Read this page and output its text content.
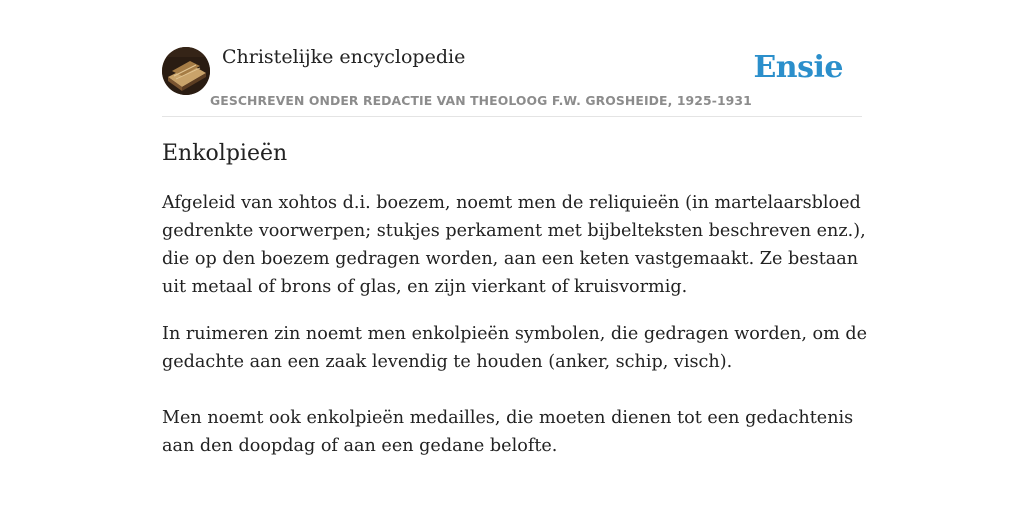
Christelijke encyclopedie
GESCHREVEN ONDER REDACTIE VAN THEOLOOG F.W. GROSHEIDE, 1925-1931
Ensie
Enkolpieën

Afgeleid van xohtos d.i. boezem, noemt men de reliquieën (in martelaarsbloed gedrenkte voorwerpen; stukjes perkament met bijbelteksten beschreven enz.), die op den boezem gedragen worden, aan een keten vastgemaakt. Ze bestaan uit metaal of brons of glas, en zijn vierkant of kruisvormig.

In ruimeren zin noemt men enkolpieën symbolen, die gedragen worden, om de gedachte aan een zaak levendig te houden (anker, schip, visch).

Men noemt ook enkolpieën medailles, die moeten dienen tot een gedachtenis aan den doopdag of aan een gedane belofte.
